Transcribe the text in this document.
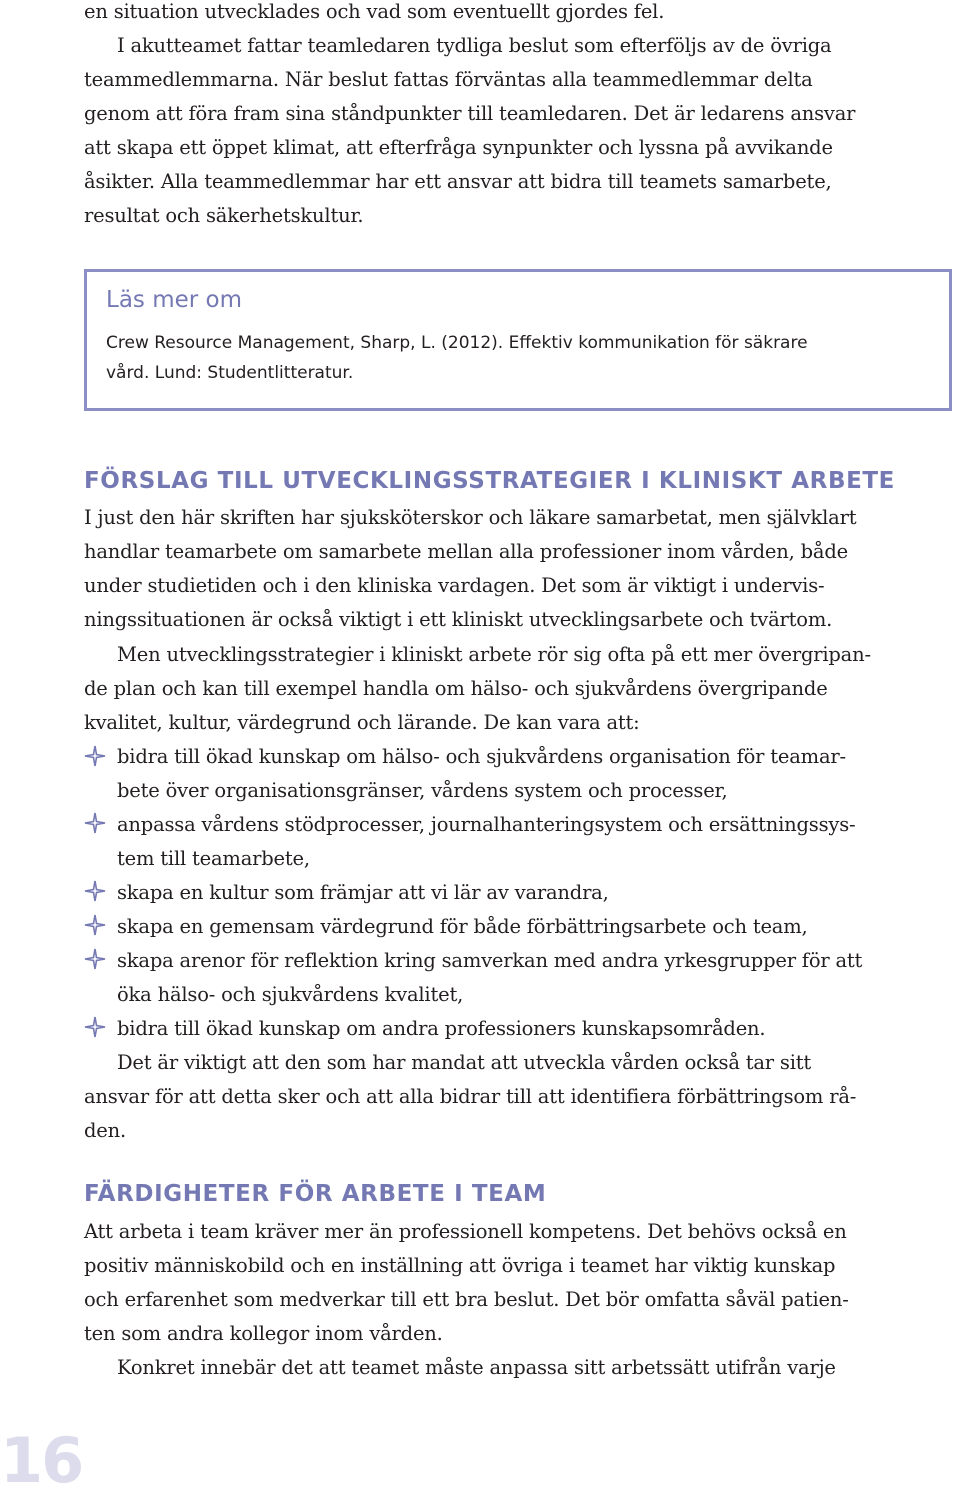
en situation utvecklades och vad som eventuellt gjordes fel.
I akutteamet fattar teamledaren tydliga beslut som efterföljs av de övriga
teammedlemmarna. När beslut fattas förväntas alla teammedlemmar delta
genom att föra fram sina ståndpunkter till teamledaren. Det är ledarens ansvar
att skapa ett öppet klimat, att efterfråga synpunkter och lyssna på avvikande
åsikter. Alla teammedlemmar har ett ansvar att bidra till teamets samarbete,
resultat och säkerhetskultur.
Läs mer om
Crew Resource Management, Sharp, L. (2012). Effektiv kommunikation för säkrare
vård. Lund: Studentlitteratur.
FÖRSLAG TILL UTVECKLINGSSTRATEGIER I KLINISKT ARBETE
I just den här skriften har sjuksköterskor och läkare samarbetat, men självklart
handlar teamarbete om samarbete mellan alla professioner inom vården, både
under studietiden och i den kliniska vardagen. Det som är viktigt i undervis-
ningssituationen är också viktigt i ett kliniskt utvecklingsarbete och tvärtom.
Men utvecklingsstrategier i kliniskt arbete rör sig ofta på ett mer övergripan-
de plan och kan till exempel handla om hälso- och sjukvårdens övergripande
kvalitet, kultur, värdegrund och lärande. De kan vara att:
bidra till ökad kunskap om hälso- och sjukvårdens organisation för teamar-
bete över organisationsgränser, vårdens system och processer,
anpassa vårdens stödprocesser, journalhanteringsystem och ersättningssys-
tem till teamarbete,
skapa en kultur som främjar att vi lär av varandra,
skapa en gemensam värdegrund för både förbättringsarbete och team,
skapa arenor för reflektion kring samverkan med andra yrkesgrupper för att
öka hälso- och sjukvårdens kvalitet,
bidra till ökad kunskap om andra professioners kunskapsområden.
Det är viktigt att den som har mandat att utveckla vården också tar sitt
ansvar för att detta sker och att alla bidrar till att identifiera förbättringsom rå-
den.
FÄRDIGHETER FÖR ARBETE I TEAM
Att arbeta i team kräver mer än professionell kompetens. Det behövs också en
positiv människobild och en inställning att övriga i teamet har viktig kunskap
och erfarenhet som medverkar till ett bra beslut. Det bör omfatta såväl patien-
ten som andra kollegor inom vården.
Konkret innebär det att teamet måste anpassa sitt arbetssätt utifrån varje
16
